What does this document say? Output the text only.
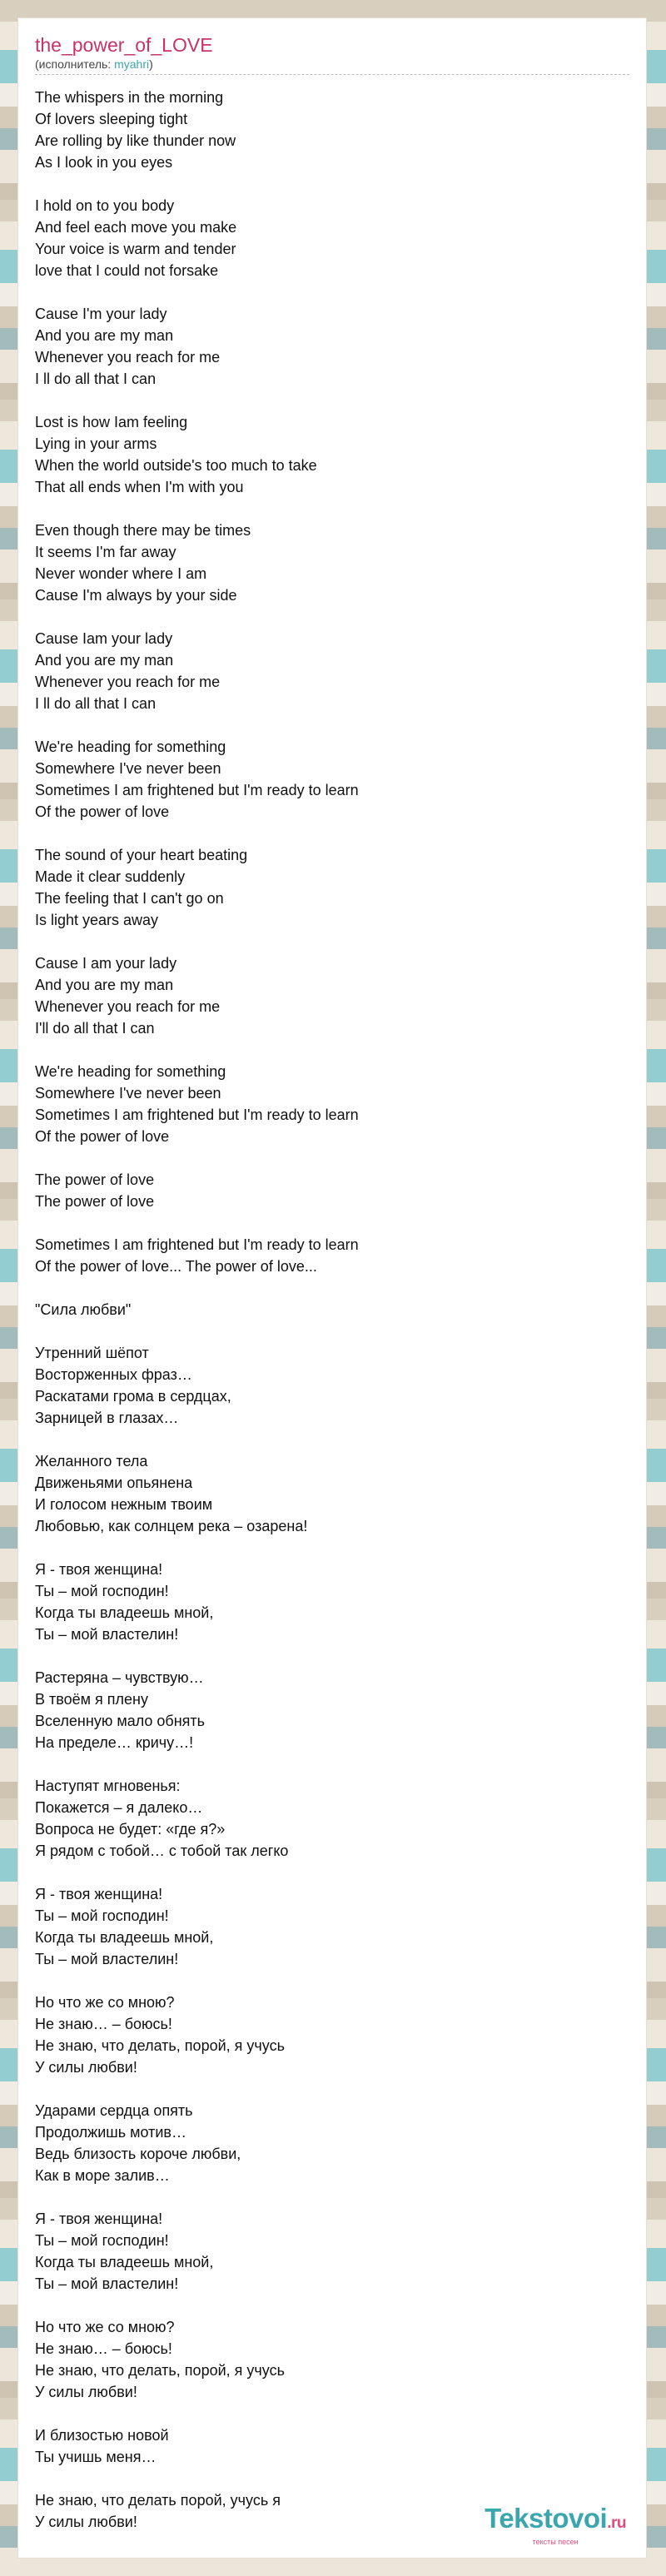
the_power_of_LOVE
(исполнитель: myahri)
The whispers in the morning
Of lovers sleeping tight
Are rolling by like thunder now
As I look in you eyes
I hold on to you body
And feel each move you make
Your voice is warm and tender
love that I could not forsake
Cause I'm your lady
And you are my man
Whenever you reach for me
I ll do all that I can
Lost is how Iam feeling
Lying in your arms
When the world outside's too much to take
That all ends when I'm with you
Even though there may be times
It seems I'm far away
Never wonder where I am
Cause I'm always by your side
Cause Iam your lady
And you are my man
Whenever you reach for me
I ll do all that I can
We're heading for something
Somewhere I've never been
Sometimes I am frightened but I'm ready to learn
Of the power of love
The sound of your heart beating
Made it clear suddenly
The feeling that I can't go on
Is light years away
Cause I am your lady
And you are my man
Whenever you reach for me
I'll do all that I can
We're heading for something
Somewhere I've never been
Sometimes I am frightened but I'm ready to learn
Of the power of love
The power of love
The power of love
Sometimes I am frightened but I'm ready to learn
Of the power of love... The power of love...
"Сила любви"
Утренний шёпот
Восторженных фраз…
Раскатами грома в сердцах,
Зарницей в глазах…
Желанного тела
Движеньями опьянена
И голосом нежным твоим
Любовью, как солнцем река – озарена!
Я - твоя женщина!
Ты – мой господин!
Когда ты владеешь мной,
Ты – мой властелин!
Растеряна – чувствую…
В твоём я плену
Вселенную мало обнять
На пределе… кричу…!
Наступят мгновенья:
Покажется – я далеко…
Вопроса не будет: «где я?»
Я рядом с тобой… с тобой так легко
Я - твоя женщина!
Ты – мой господин!
Когда ты владеешь мной,
Ты – мой властелин!
Но что же со мною?
Не знаю… – боюсь!
Не знаю, что делать, порой, я учусь
У силы любви!
Ударами сердца опять
Продолжишь мотив…
Ведь близость короче любви,
Как в море залив…
Я - твоя женщина!
Ты – мой господин!
Когда ты владеешь мной,
Ты – мой властелин!
Но что же со мною?
Не знаю… – боюсь!
Не знаю, что делать, порой, я учусь
У силы любви!
И близостью новой
Ты учишь меня…
Не знаю, что делать порой, учусь я
У силы любви!	Tekstovoi.ru
тексты песен
